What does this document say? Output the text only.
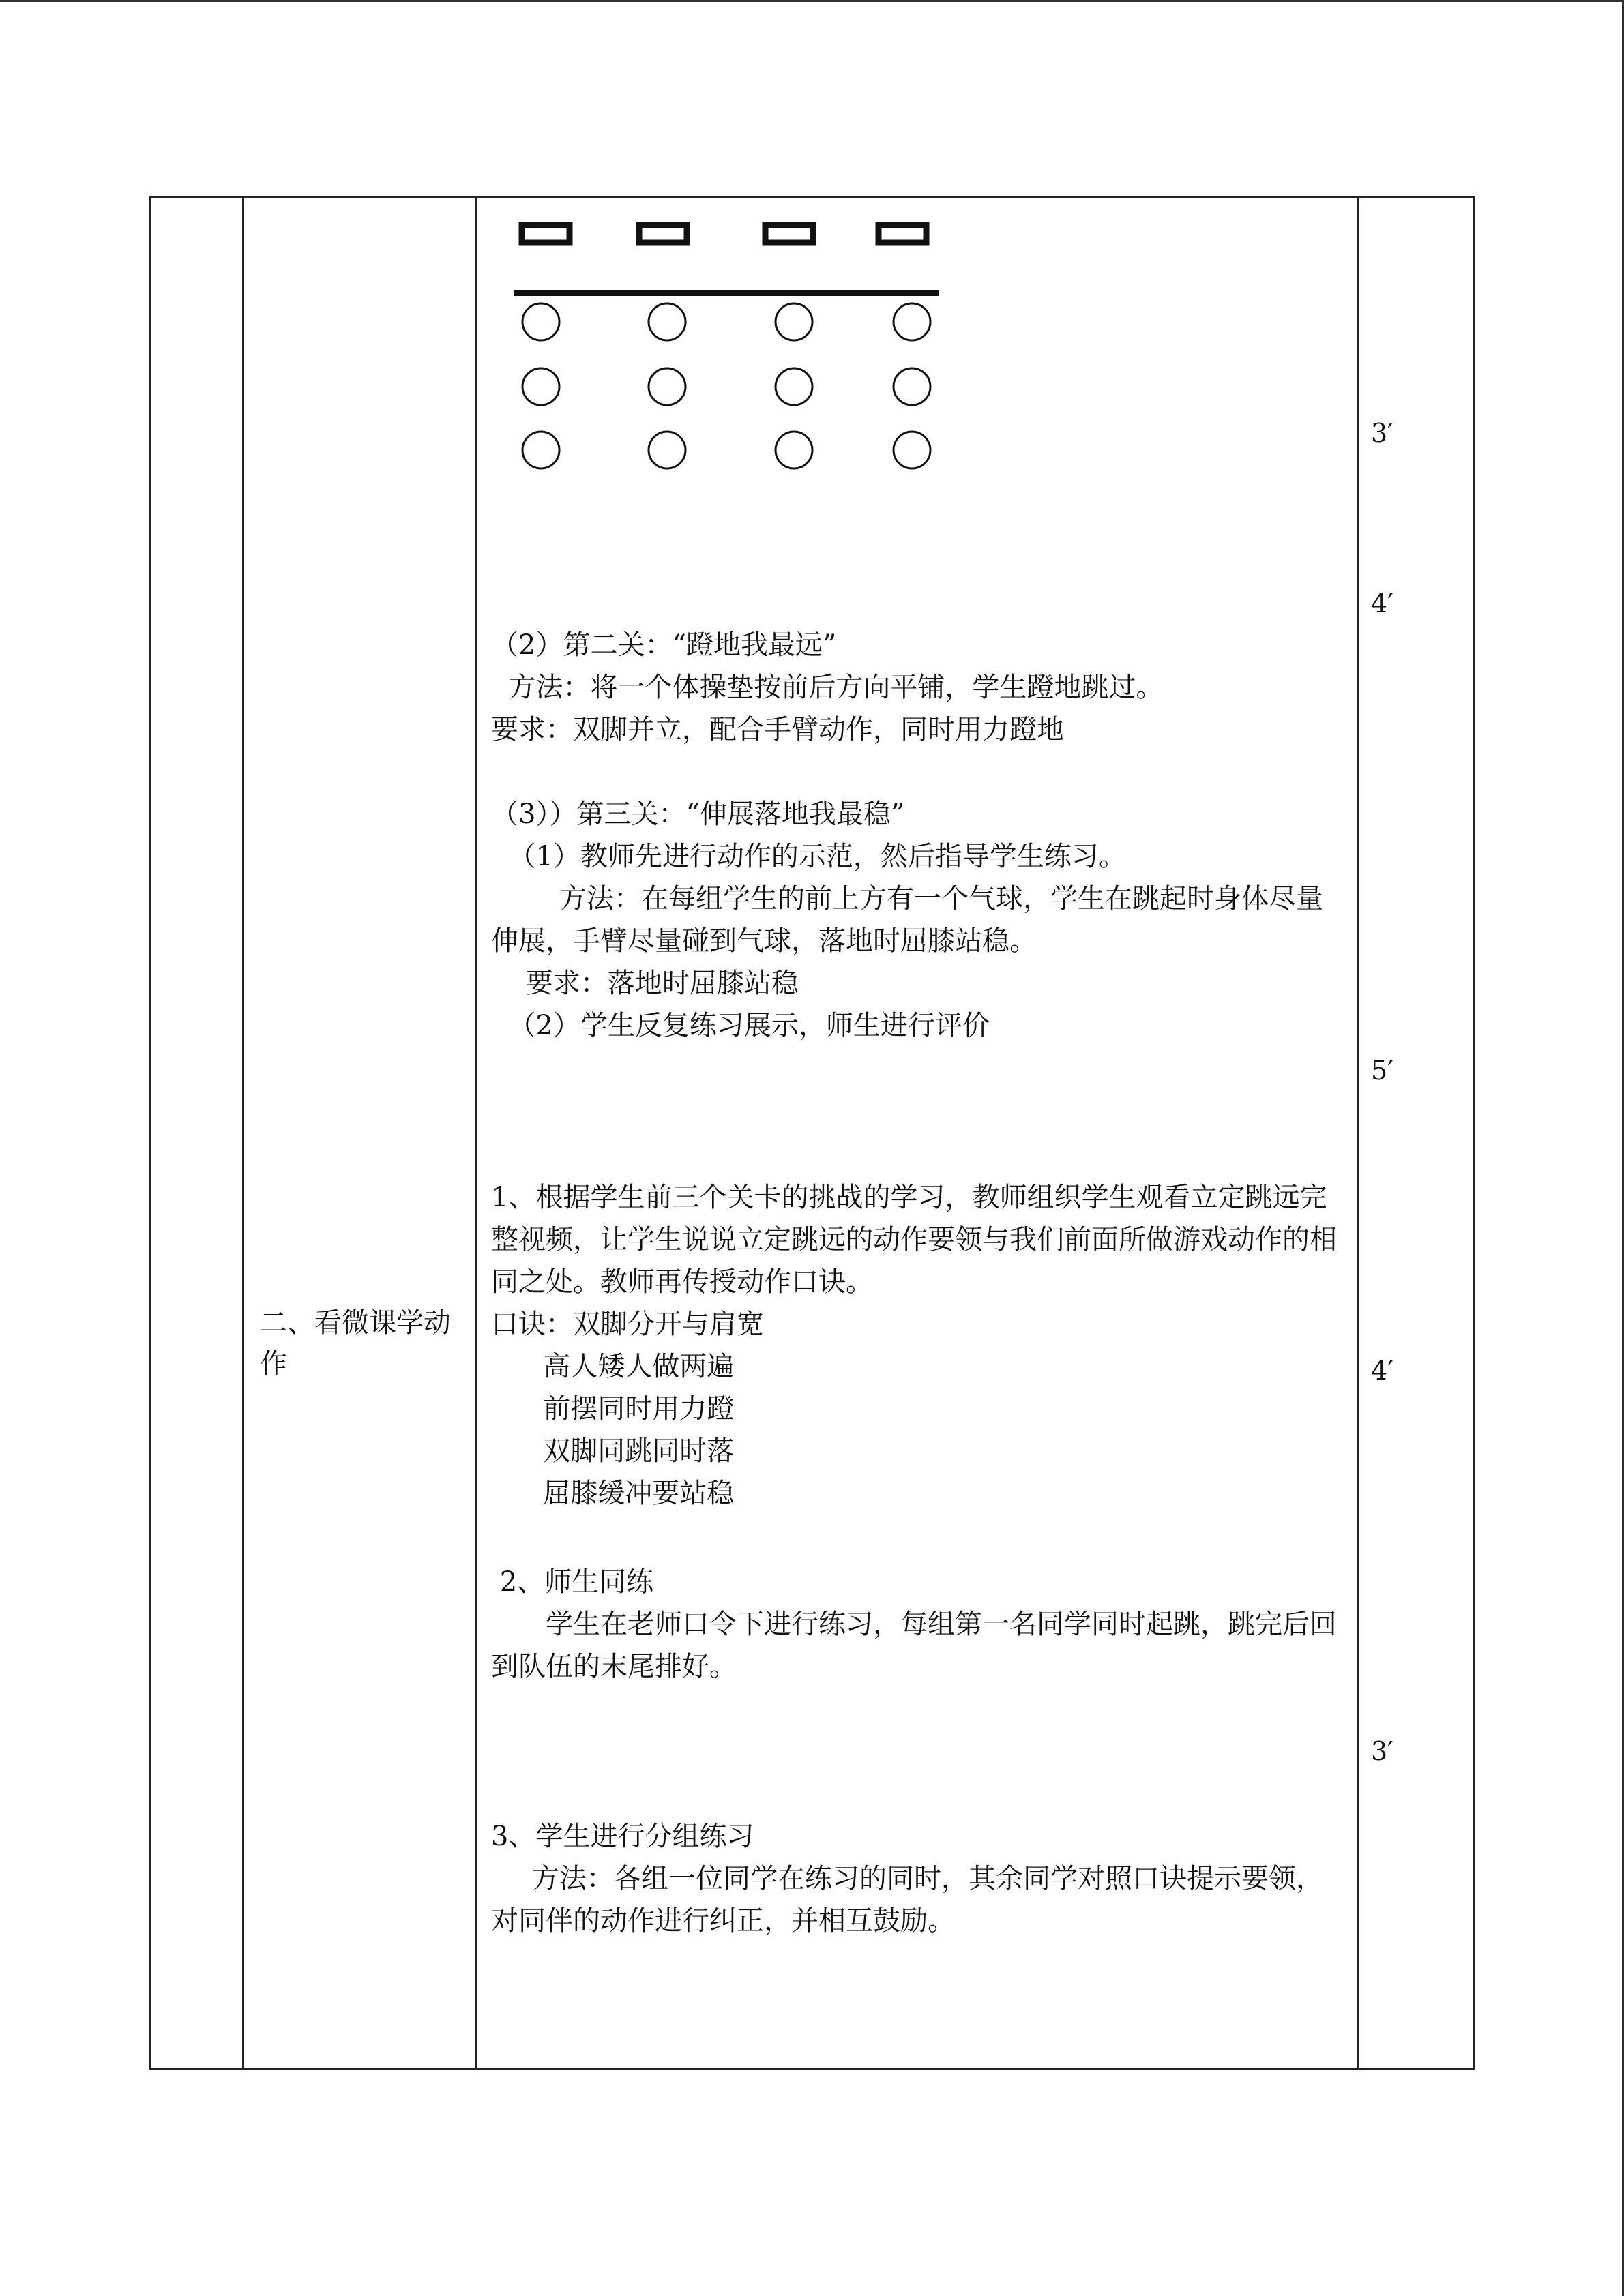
二、看微课学动作

（2）第二关：“蹬地我最远”

方法：将一个体操垫按前后方向平铺，学生蹬地跳过。

要求：双脚并立，配合手臂动作，同时用力蹬地

（3））第三关：“伸展落地我最稳”

（1）教师先进行动作的示范，然后指导学生练习。

方法：在每组学生的前上方有一个气球，学生在跳起时身体尽量伸展，手臂尽量碰到气球，落地时屈膝站稳。

要求：落地时屈膝站稳

（2）学生反复练习展示，师生进行评价

1、根据学生前三个关卡的挑战的学习，教师组织学生观看立定跳远完整视频，让学生说说立定跳远的动作要领与我们前面所做游戏动作的相同之处。教师再传授动作口诀。

口诀：双脚分开与肩宽

高人矮人做两遍

前摆同时用力蹬

双脚同跳同时落

屈膝缓冲要站稳

2、师生同练

学生在老师口令下进行练习，每组第一名同学同时起跳，跳完后回到队伍的末尾排好。

3、学生进行分组练习

方法：各组一位同学在练习的同时，其余同学对照口诀提示要领，对同伴的动作进行纠正，并相互鼓励。

3′
4′
5′
4′
3′
